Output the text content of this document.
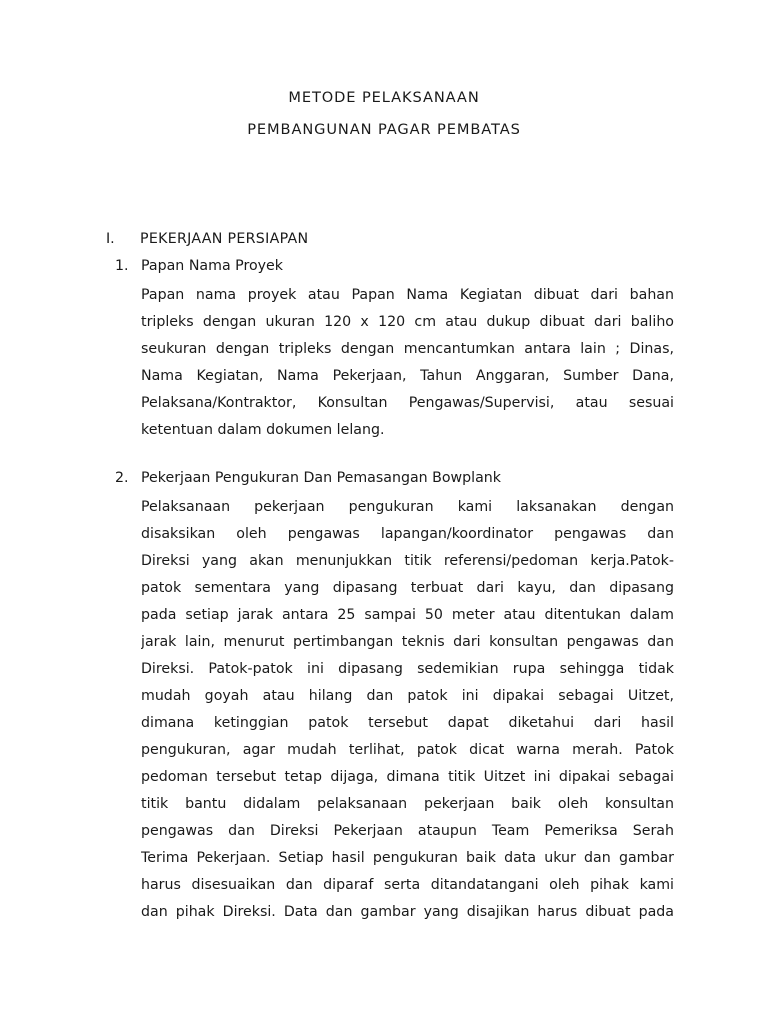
METODE PELAKSANAAN
PEMBANGUNAN PAGAR PEMBATAS
I. PEKERJAAN PERSIAPAN
1. Papan Nama Proyek
Papan nama proyek atau Papan Nama Kegiatan dibuat dari bahan
tripleks dengan ukuran 120 x 120 cm atau dukup dibuat dari baliho
seukuran dengan tripleks dengan mencantumkan antara lain ; Dinas,
Nama Kegiatan, Nama Pekerjaan, Tahun Anggaran, Sumber Dana,
Pelaksana/Kontraktor, Konsultan Pengawas/Supervisi, atau sesuai
ketentuan dalam dokumen lelang.
2. Pekerjaan Pengukuran Dan Pemasangan Bowplank
Pelaksanaan pekerjaan pengukuran kami laksanakan dengan
disaksikan oleh pengawas lapangan/koordinator pengawas dan
Direksi yang akan menunjukkan titik referensi/pedoman kerja.Patok-
patok sementara yang dipasang terbuat dari kayu, dan dipasang
pada setiap jarak antara 25 sampai 50 meter atau ditentukan dalam
jarak lain, menurut pertimbangan teknis dari konsultan pengawas dan
Direksi. Patok-patok ini dipasang sedemikian rupa sehingga tidak
mudah goyah atau hilang dan patok ini dipakai sebagai Uitzet,
dimana ketinggian patok tersebut dapat diketahui dari hasil
pengukuran, agar mudah terlihat, patok dicat warna merah. Patok
pedoman tersebut tetap dijaga, dimana titik Uitzet ini dipakai sebagai
titik bantu didalam pelaksanaan pekerjaan baik oleh konsultan
pengawas dan Direksi Pekerjaan ataupun Team Pemeriksa Serah
Terima Pekerjaan. Setiap hasil pengukuran baik data ukur dan gambar
harus disesuaikan dan diparaf serta ditandatangani oleh pihak kami
dan pihak Direksi. Data dan gambar yang disajikan harus dibuat pada
